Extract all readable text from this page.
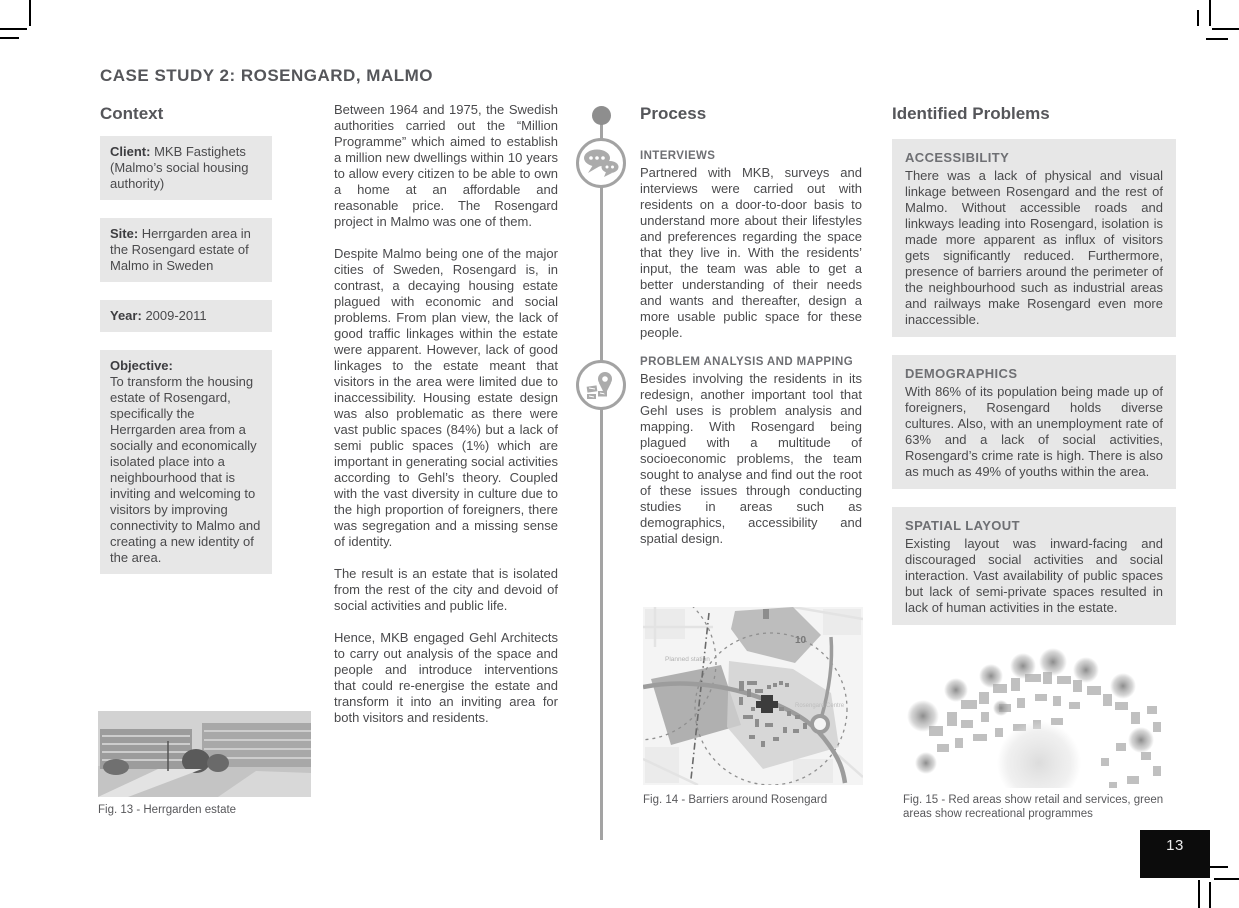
CASE STUDY 2: ROSENGARD, MALMO
Context
Client: MKB Fastighets (Malmo’s social housing authority)
Site: Herrgarden area in the Rosengard estate of Malmo in Sweden
Year: 2009-2011
Objective:
To transform the housing estate of Rosengard, specifically the Herrgarden area from a socially and economically isolated place into a neighbourhood that is inviting and welcoming to visitors by improving connectivity to Malmo and creating a new identity of the area.
Fig. 13 - Herrgarden estate

Between 1964 and 1975, the Swedish authorities carried out the “Million Programme” which aimed to establish a million new dwellings within 10 years to allow every citizen to be able to own a home at an affordable and reasonable price. The Rosengard project in Malmo was one of them.

Despite Malmo being one of the major cities of Sweden, Rosengard is, in contrast, a decaying housing estate plagued with economic and social problems. From plan view, the lack of good traffic linkages within the estate were apparent. However, lack of good linkages to the estate meant that visitors in the area were limited due to inaccessibility. Housing estate design was also problematic as there were vast public spaces (84%) but a lack of semi public spaces (1%) which are important in generating social activities according to Gehl’s theory. Coupled with the vast diversity in culture due to the high proportion of foreigners, there was segregation and a missing sense of identity.

The result is an estate that is isolated from the rest of the city and devoid of social activities and public life.

Hence, MKB engaged Gehl Architects to carry out analysis of the space and people and introduce interventions that could re-energise the estate and transform it into an inviting area for both visitors and residents.

Process

INTERVIEWS

Partnered with MKB, surveys and interviews were carried out with residents on a door-to-door basis to understand more about their lifestyles and preferences regarding the space that they live in. With the residents’ input, the team was able to get a better understanding of their needs and wants and thereafter, design a more usable public space for these people.

PROBLEM ANALYSIS AND MAPPING

Besides involving the residents in its redesign, another important tool that Gehl uses is problem analysis and mapping. With Rosengard being plagued with a multitude of socioeconomic problems, the team sought to analyse and find out the root of these issues through conducting studies in areas such as demographics, accessibility and spatial design.

Planned station
Rosengard Centre
10
Fig. 14 - Barriers around Rosengard
Identified Problems

ACCESSIBILITY

There was a lack of physical and visual linkage between Rosengard and the rest of Malmo. Without accessible roads and linkways leading into Rosengard, isolation is made more apparent as influx of visitors gets significantly reduced. Furthermore, presence of barriers around the perimeter of the neighbourhood such as industrial areas and railways make Rosengard even more inaccessible.

DEMOGRAPHICS

With 86% of its population being made up of foreigners, Rosengard holds diverse cultures. Also, with an unemployment rate of 63% and a lack of social activities, Rosengard’s crime rate is high. There is also as much as 49% of youths within the area.

SPATIAL LAYOUT

Existing layout was inward-facing and discouraged social activities and social interaction. Vast availability of public spaces but lack of semi-private spaces resulted in lack of human activities in the estate.

Fig. 15 - Red areas show retail and services, green areas show recreational programmes
13
